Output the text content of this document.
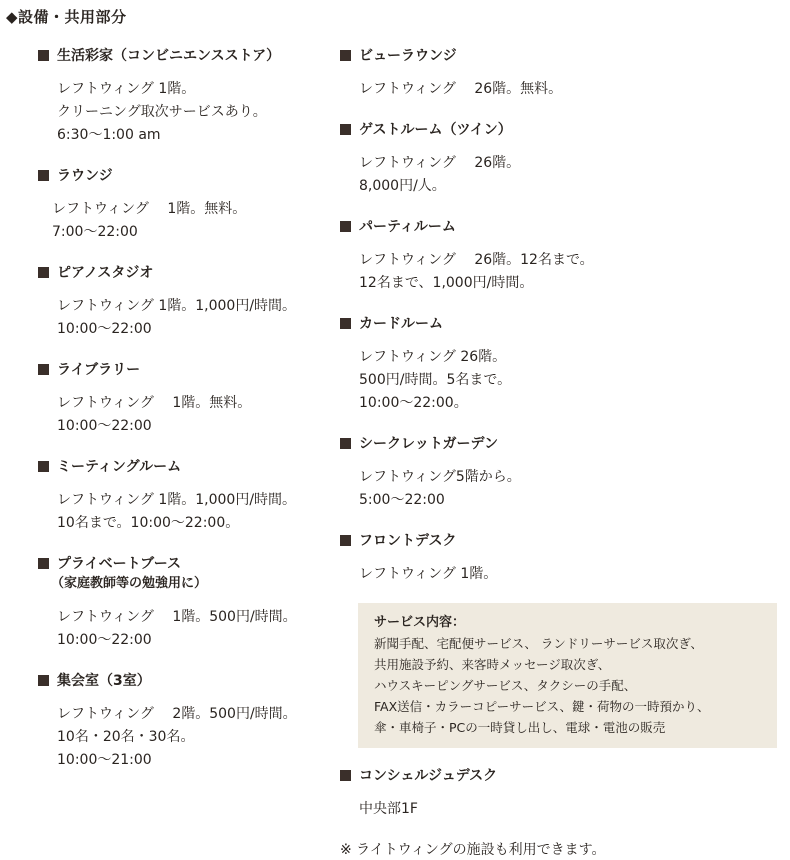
◆設備・共用部分
生活彩家（コンビニエンスストア）
レフトウィング 1階。
クリーニング取次サービスあり。
6:30〜1:00 am
ラウンジ
レフトウィング　 1階。無料。
7:00〜22:00
ピアノスタジオ
レフトウィング 1階。1,000円/時間。
10:00〜22:00
ライブラリー
レフトウィング　 1階。無料。
10:00〜22:00
ミーティングルーム
レフトウィング 1階。1,000円/時間。
10名まで。10:00〜22:00。
プライベートブース
（家庭教師等の勉強用に）
レフトウィング　 1階。500円/時間。
10:00〜22:00
集会室（3室）
レフトウィング　 2階。500円/時間。
10名・20名・30名。
10:00〜21:00
ビューラウンジ
レフトウィング　 26階。無料。
ゲストルーム（ツイン）
レフトウィング　 26階。
8,000円/人。
パーティルーム
レフトウィング　 26階。12名まで。
12名まで、1,000円/時間。
カードルーム
レフトウィング 26階。
500円/時間。5名まで。
10:00〜22:00。
シークレットガーデン
レフトウィング5階から。
5:00〜22:00
フロントデスク
レフトウィング 1階。
サービス内容：
新聞手配、宅配便サービス、 ランドリーサービス取次ぎ、
共用施設予約、来客時メッセージ取次ぎ、
ハウスキーピングサービス、タクシーの手配、
FAX送信・カラーコピーサービス、鍵・荷物の一時預かり、
傘・車椅子・PCの一時貸し出し、電球・電池の販売
コンシェルジュデスク
中央部1F
※ ライトウィングの施設も利用できます。
